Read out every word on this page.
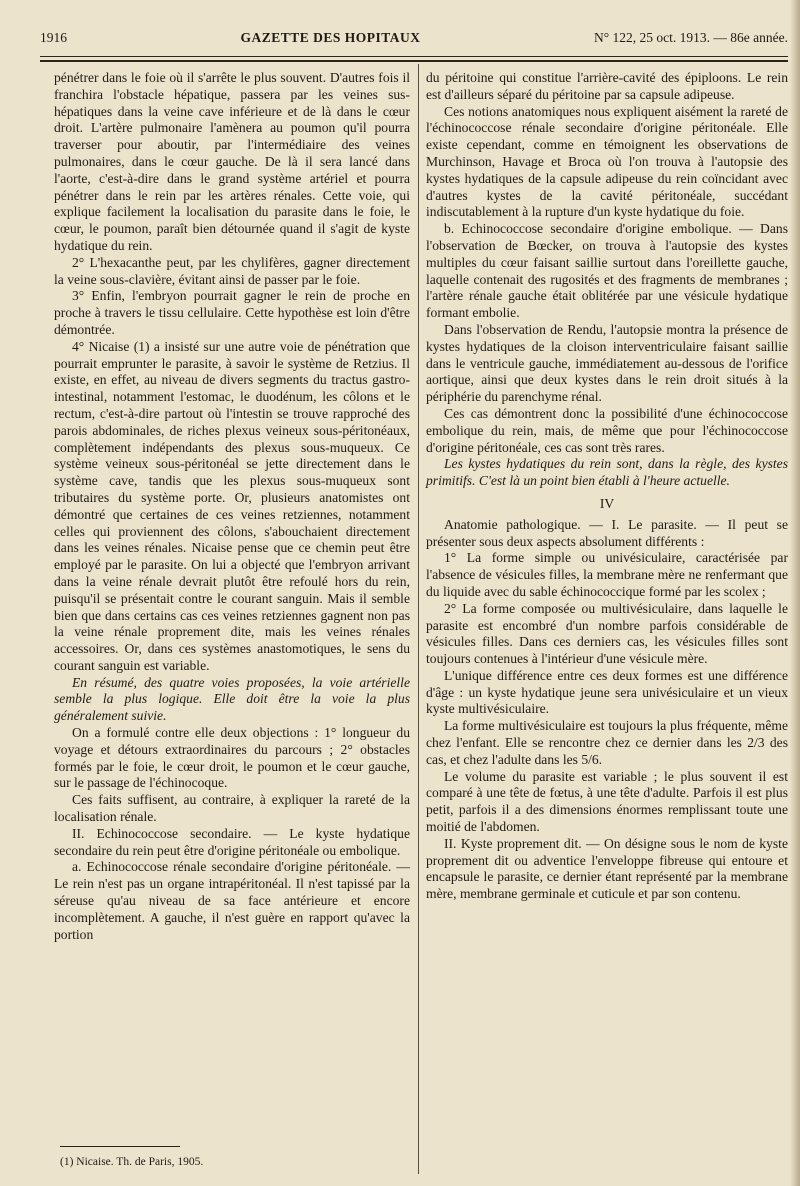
1916	GAZETTE DES HOPITAUX	N° 122, 25 oct. 1913. — 86e année.

pénétrer dans le foie où il s'arrête le plus souvent. D'autres fois il franchira l'obstacle hépatique, passera par les veines sus-hépatiques dans la veine cave inférieure et de là dans le cœur droit. L'artère pulmonaire l'amènera au poumon qu'il pourra traverser pour aboutir, par l'intermédiaire des veines pulmonaires, dans le cœur gauche. De là il sera lancé dans l'aorte, c'est-à-dire dans le grand système artériel et pourra pénétrer dans le rein par les artères rénales. Cette voie, qui explique facilement la localisation du parasite dans le foie, le cœur, le poumon, paraît bien détournée quand il s'agit de kyste hydatique du rein.

2° L'hexacanthe peut, par les chylifères, gagner directement la veine sous-clavière, évitant ainsi de passer par le foie.

3° Enfin, l'embryon pourrait gagner le rein de proche en proche à travers le tissu cellulaire. Cette hypothèse est loin d'être démontrée.

4° Nicaise (1) a insisté sur une autre voie de pénétration que pourrait emprunter le parasite, à savoir le système de Retzius. Il existe, en effet, au niveau de divers segments du tractus gastro-intestinal, notamment l'estomac, le duodénum, les côlons et le rectum, c'est-à-dire partout où l'intestin se trouve rapproché des parois abdominales, de riches plexus veineux sous-péritonéaux, complètement indépendants des plexus sous-muqueux. Ce système veineux sous-péritonéal se jette directement dans le système cave, tandis que les plexus sous-muqueux sont tributaires du système porte. Or, plusieurs anatomistes ont démontré que certaines de ces veines retziennes, notamment celles qui proviennent des côlons, s'abouchaient directement dans les veines rénales. Nicaise pense que ce chemin peut être employé par le parasite. On lui a objecté que l'embryon arrivant dans la veine rénale devrait plutôt être refoulé hors du rein, puisqu'il se présentait contre le courant sanguin. Mais il semble bien que dans certains cas ces veines retziennes gagnent non pas la veine rénale proprement dite, mais les veines rénales accessoires. Or, dans ces systèmes anastomotiques, le sens du courant sanguin est variable.

En résumé, des quatre voies proposées, la voie artérielle semble la plus logique. Elle doit être la voie la plus généralement suivie.

On a formulé contre elle deux objections : 1° longueur du voyage et détours extraordinaires du parcours ; 2° obstacles formés par le foie, le cœur droit, le poumon et le cœur gauche, sur le passage de l'échinocoque.

Ces faits suffisent, au contraire, à expliquer la rareté de la localisation rénale.

II. Echinococcose secondaire. — Le kyste hydatique secondaire du rein peut être d'origine péritonéale ou embolique.

a. Echinococcose rénale secondaire d'origine péritonéale. — Le rein n'est pas un organe intrapéritonéal. Il n'est tapissé par la séreuse qu'au niveau de sa face antérieure et encore incomplètement. A gauche, il n'est guère en rapport qu'avec la portion

du péritoine qui constitue l'arrière-cavité des épiploons. Le rein est d'ailleurs séparé du péritoine par sa capsule adipeuse.

Ces notions anatomiques nous expliquent aisément la rareté de l'échinococcose rénale secondaire d'origine péritonéale. Elle existe cependant, comme en témoignent les observations de Murchinson, Havage et Broca où l'on trouva à l'autopsie des kystes hydatiques de la capsule adipeuse du rein coïncidant avec d'autres kystes de la cavité péritonéale, succédant indiscutablement à la rupture d'un kyste hydatique du foie.

b. Echinococcose secondaire d'origine embolique. — Dans l'observation de Bœcker, on trouva à l'autopsie des kystes multiples du cœur faisant saillie surtout dans l'oreillette gauche, laquelle contenait des rugosités et des fragments de membranes ; l'artère rénale gauche était oblitérée par une vésicule hydatique formant embolie.

Dans l'observation de Rendu, l'autopsie montra la présence de kystes hydatiques de la cloison interventriculaire faisant saillie dans le ventricule gauche, immédiatement au-dessous de l'orifice aortique, ainsi que deux kystes dans le rein droit situés à la périphérie du parenchyme rénal.

Ces cas démontrent donc la possibilité d'une échinococcose embolique du rein, mais, de même que pour l'échinococcose d'origine péritonéale, ces cas sont très rares.

Les kystes hydatiques du rein sont, dans la règle, des kystes primitifs. C'est là un point bien établi à l'heure actuelle.

IV

Anatomie pathologique. — I. Le parasite. — Il peut se présenter sous deux aspects absolument différents :

1° La forme simple ou univésiculaire, caractérisée par l'absence de vésicules filles, la membrane mère ne renfermant que du liquide avec du sable échinococcique formé par les scolex ;

2° La forme composée ou multivésiculaire, dans laquelle le parasite est encombré d'un nombre parfois considérable de vésicules filles. Dans ces derniers cas, les vésicules filles sont toujours contenues à l'intérieur d'une vésicule mère.

L'unique différence entre ces deux formes est une différence d'âge : un kyste hydatique jeune sera univésiculaire et un vieux kyste multivésiculaire.

La forme multivésiculaire est toujours la plus fréquente, même chez l'enfant. Elle se rencontre chez ce dernier dans les 2/3 des cas, et chez l'adulte dans les 5/6.

Le volume du parasite est variable ; le plus souvent il est comparé à une tête de fœtus, à une tête d'adulte. Parfois il est plus petit, parfois il a des dimensions énormes remplissant toute une moitié de l'abdomen.

II. Kyste proprement dit. — On désigne sous le nom de kyste proprement dit ou adventice l'enveloppe fibreuse qui entoure et encapsule le parasite, ce dernier étant représenté par la membrane mère, membrane germinale et cuticule et par son contenu.

(1) Nicaise. Th. de Paris, 1905.
